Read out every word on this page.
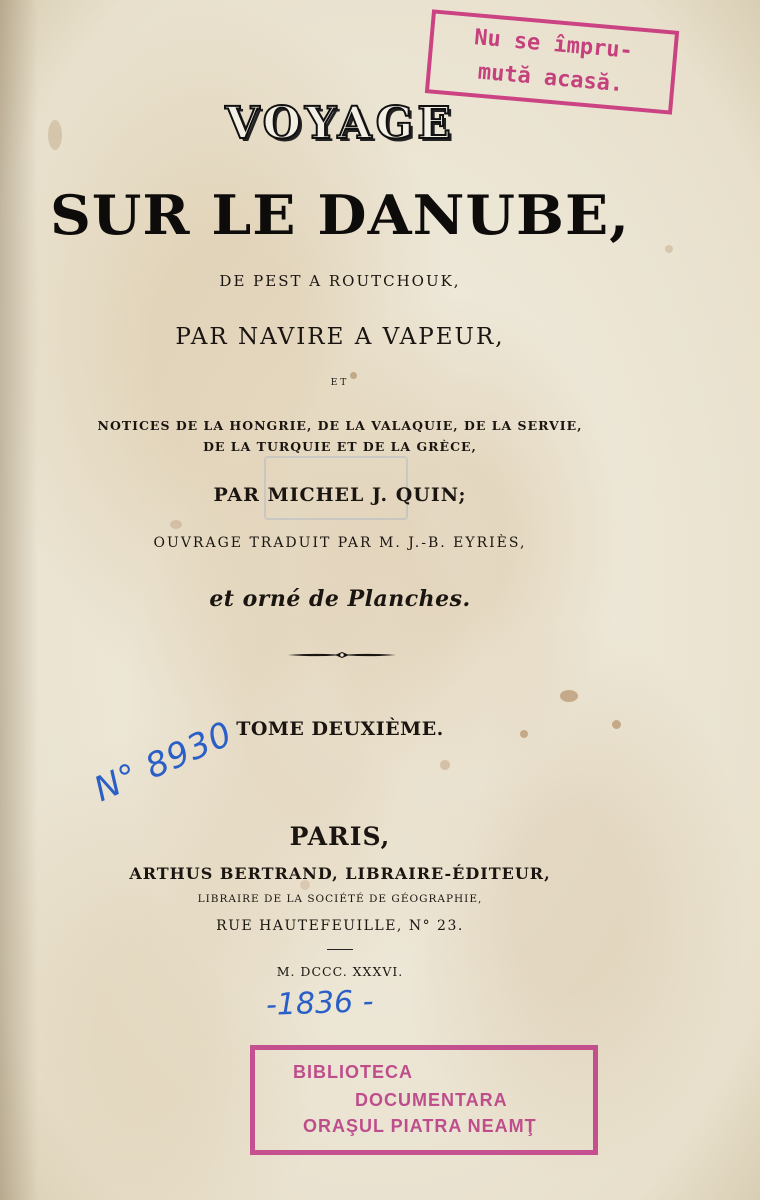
VOYAGE
SUR LE DANUBE,
DE PEST A ROUTCHOUK,
PAR NAVIRE A VAPEUR,
ET
NOTICES DE LA HONGRIE, DE LA VALAQUIE, DE LA SERVIE,
DE LA TURQUIE ET DE LA GRÈCE,
PAR MICHEL J. QUIN;
OUVRAGE TRADUIT PAR M. J.-B. EYRIÈS,
et orné de Planches.
TOME DEUXIÈME.
PARIS,
ARTHUS BERTRAND, LIBRAIRE-ÉDITEUR,
LIBRAIRE DE LA SOCIÉTÉ DE GÉOGRAPHIE,
RUE HAUTEFEUILLE, N° 23.
M. DCCC. XXXVI.
Nu se împru-
mută acasă.
N° 8930
-1836 -
BIBLIOTECA
DOCUMENTARA
ORAŞUL PIATRA NEAMŢ
